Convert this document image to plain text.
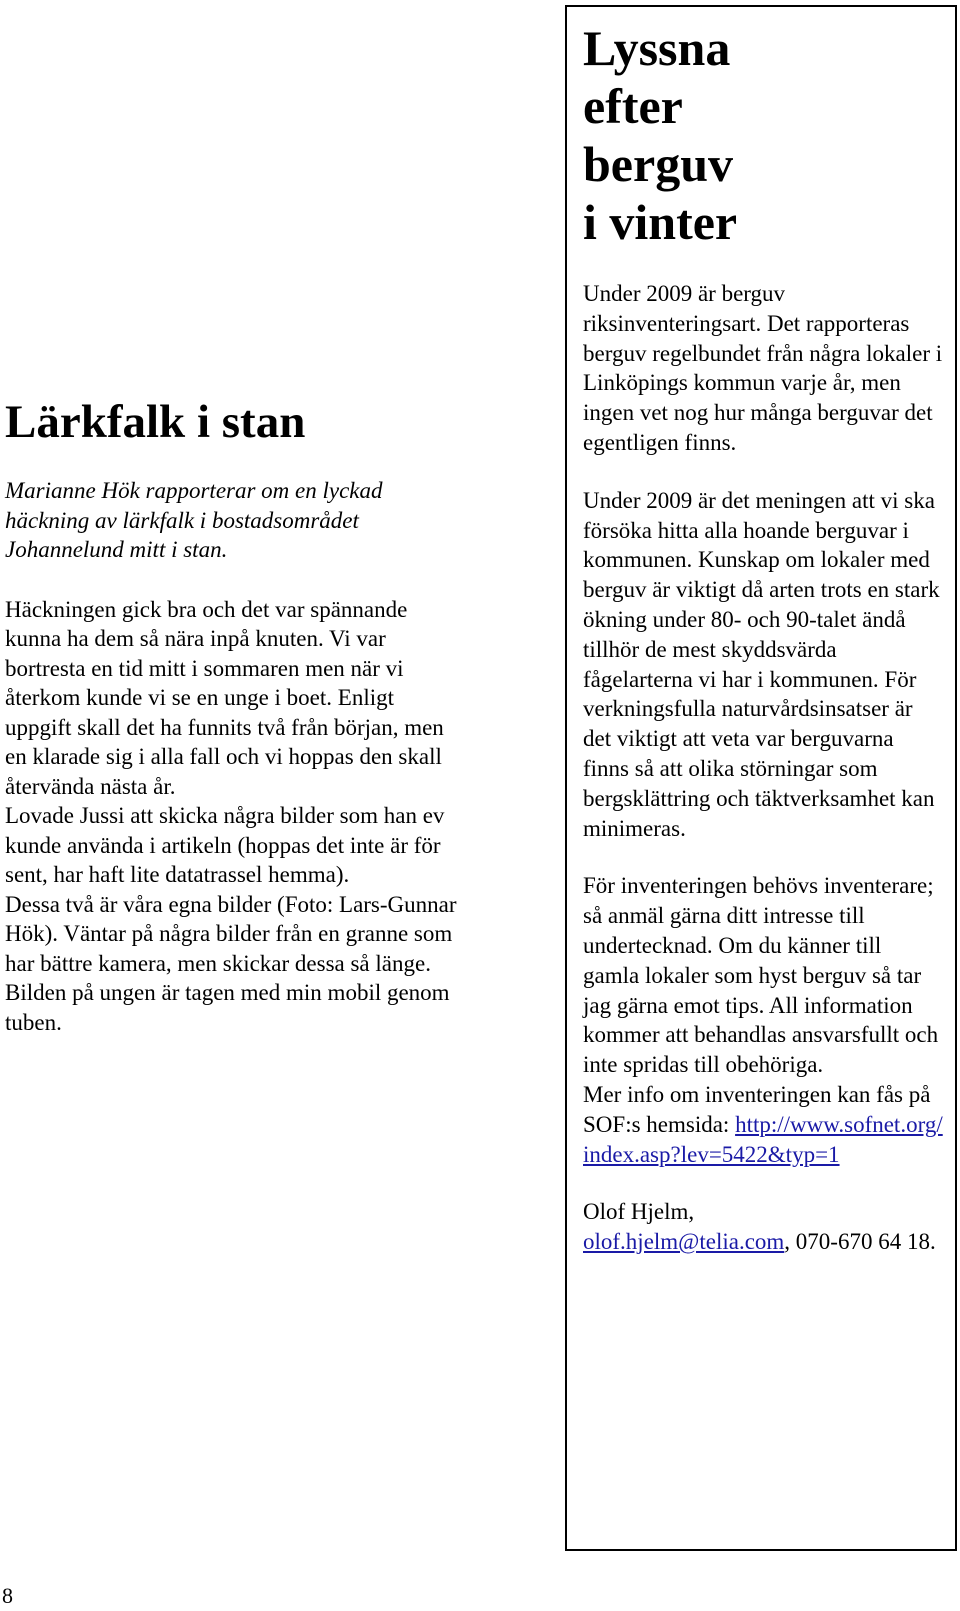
Lärkfalk i stan

Marianne Hök rapporterar om en lyckad häckning av lärkfalk i bostadsområdet Johannelund mitt i stan.

Häckningen gick bra och det var spännande kunna ha dem så nära inpå knuten. Vi var bortresta en tid mitt i sommaren men när vi återkom kunde vi se en unge i boet. Enligt uppgift skall det ha funnits två från början, men en klarade sig i alla fall och vi hoppas den skall återvända nästa år.
Lovade Jussi att skicka några bilder som han ev kunde använda i artikeln (hoppas det inte är för sent, har haft lite datatrassel hemma).
Dessa två är våra egna bilder (Foto: Lars-Gunnar Hök). Väntar på några bilder från en granne som har bättre kamera, men skickar dessa så länge. Bilden på ungen är tagen med min mobil genom tuben.

Lyssna
efter
berguv
i vinter

Under 2009 är berguv riksinventeringsart. Det rapporteras berguv regelbundet från några lokaler i Linköpings kommun varje år, men ingen vet nog hur många berguvar det egentligen finns.

Under 2009 är det meningen att vi ska försöka hitta alla hoande berguvar i kommunen. Kunskap om lokaler med berguv är viktigt då arten trots en stark ökning under 80- och 90-talet ändå tillhör de mest skyddsvärda fågelarterna vi har i kommunen. För verkningsfulla naturvårdsinsatser är det viktigt att veta var berguvarna finns så att olika störningar som bergsklättring och täktverksamhet kan minimeras.

För inventeringen behövs inventerare; så anmäl gärna ditt intresse till undertecknad. Om du känner till gamla lokaler som hyst berguv så tar jag gärna emot tips. All information kommer att behandlas ansvarsfullt och inte spridas till obehöriga.

Mer info om inventeringen kan fås på SOF:s hemsida: http://www.sofnet.org/index.asp?lev=5422&typ=1

Olof Hjelm,
olof.hjelm@telia.com, 070-670 64 18.

8
